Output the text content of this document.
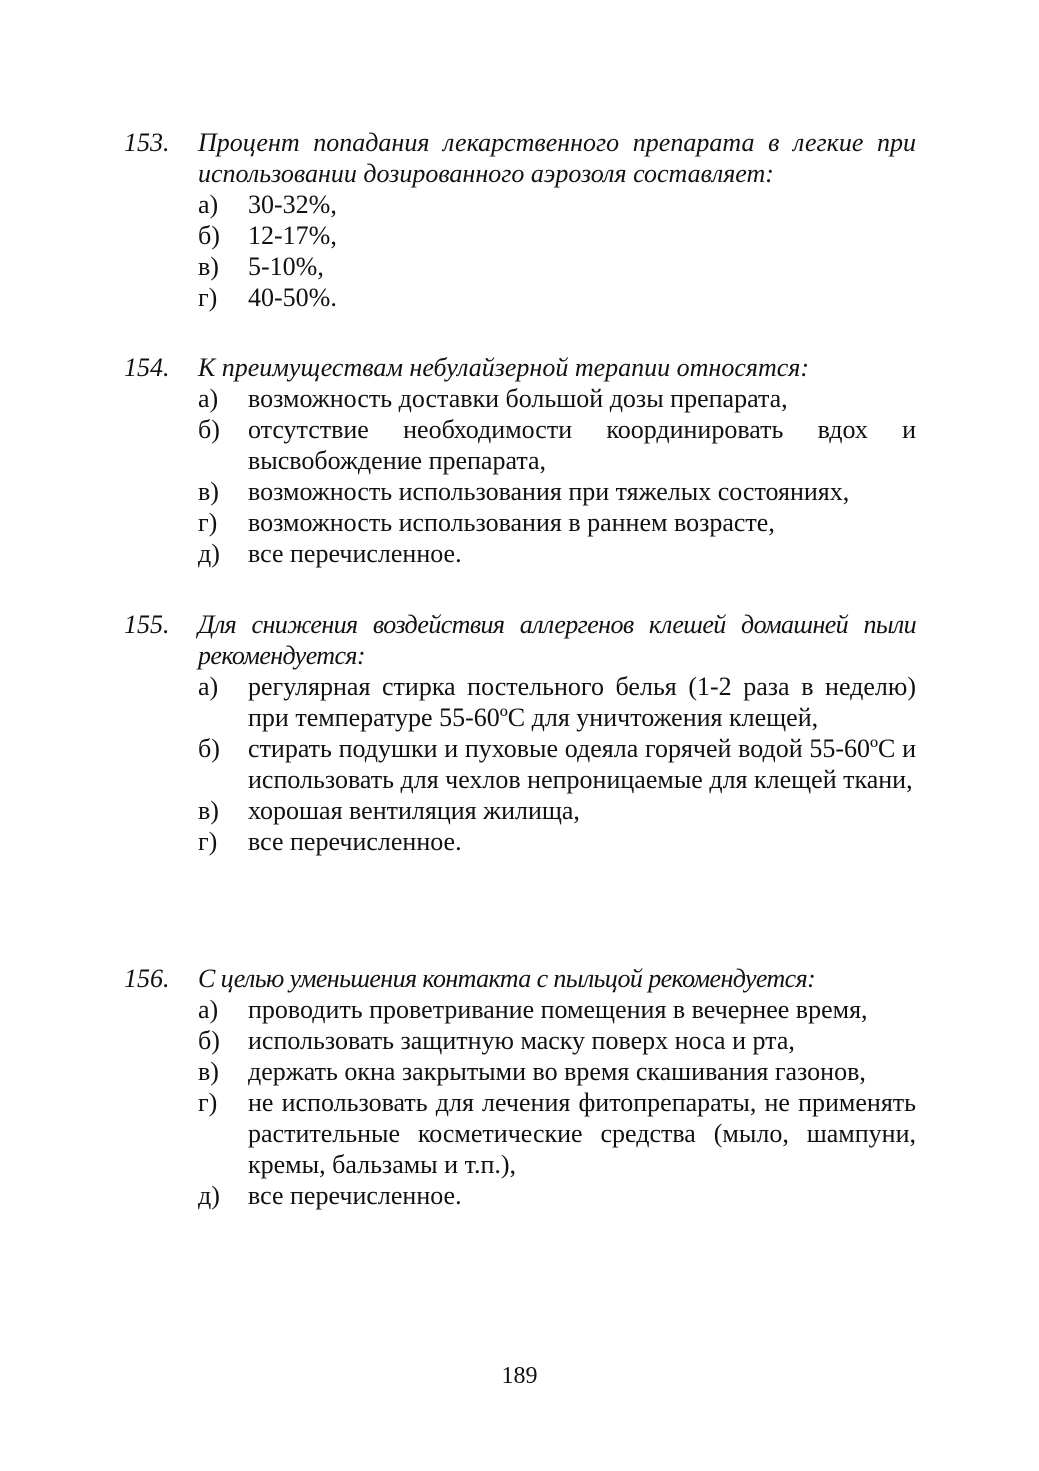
153. Процент попадания лекарственного препарата в легкие при использовании дозированного аэрозоля составляет:
а) 30-32%,
б) 12-17%,
в) 5-10%,
г) 40-50%.
154. К преимуществам небулайзерной терапии относятся:
а) возможность доставки большой дозы препарата,
б) отсутствие необходимости координировать вдох и высвобождение препарата,
в) возможность использования при тяжелых состояниях,
г) возможность использования в раннем возрасте,
д) все перечисленное.
155. Для снижения воздействия аллергенов клешей домашней пыли рекомендуется:
а) регулярная стирка постельного белья (1-2 раза в неделю) при температуре 55-60ºС для уничтожения клещей,
б) стирать подушки и пуховые одеяла горячей водой 55-60ºС и использовать для чехлов непроницаемые для клещей ткани,
в) хорошая вентиляция жилища,
г) все перечисленное.
156. С целью уменьшения контакта с пыльцой рекомендуется:
а) проводить проветривание помещения в вечернее время,
б) использовать защитную маску поверх носа и рта,
в) держать окна закрытыми во время скашивания газонов,
г) не использовать для лечения фитопрепараты, не применять растительные косметические средства (мыло, шампуни, кремы, бальзамы и т.п.),
д) все перечисленное.
189
